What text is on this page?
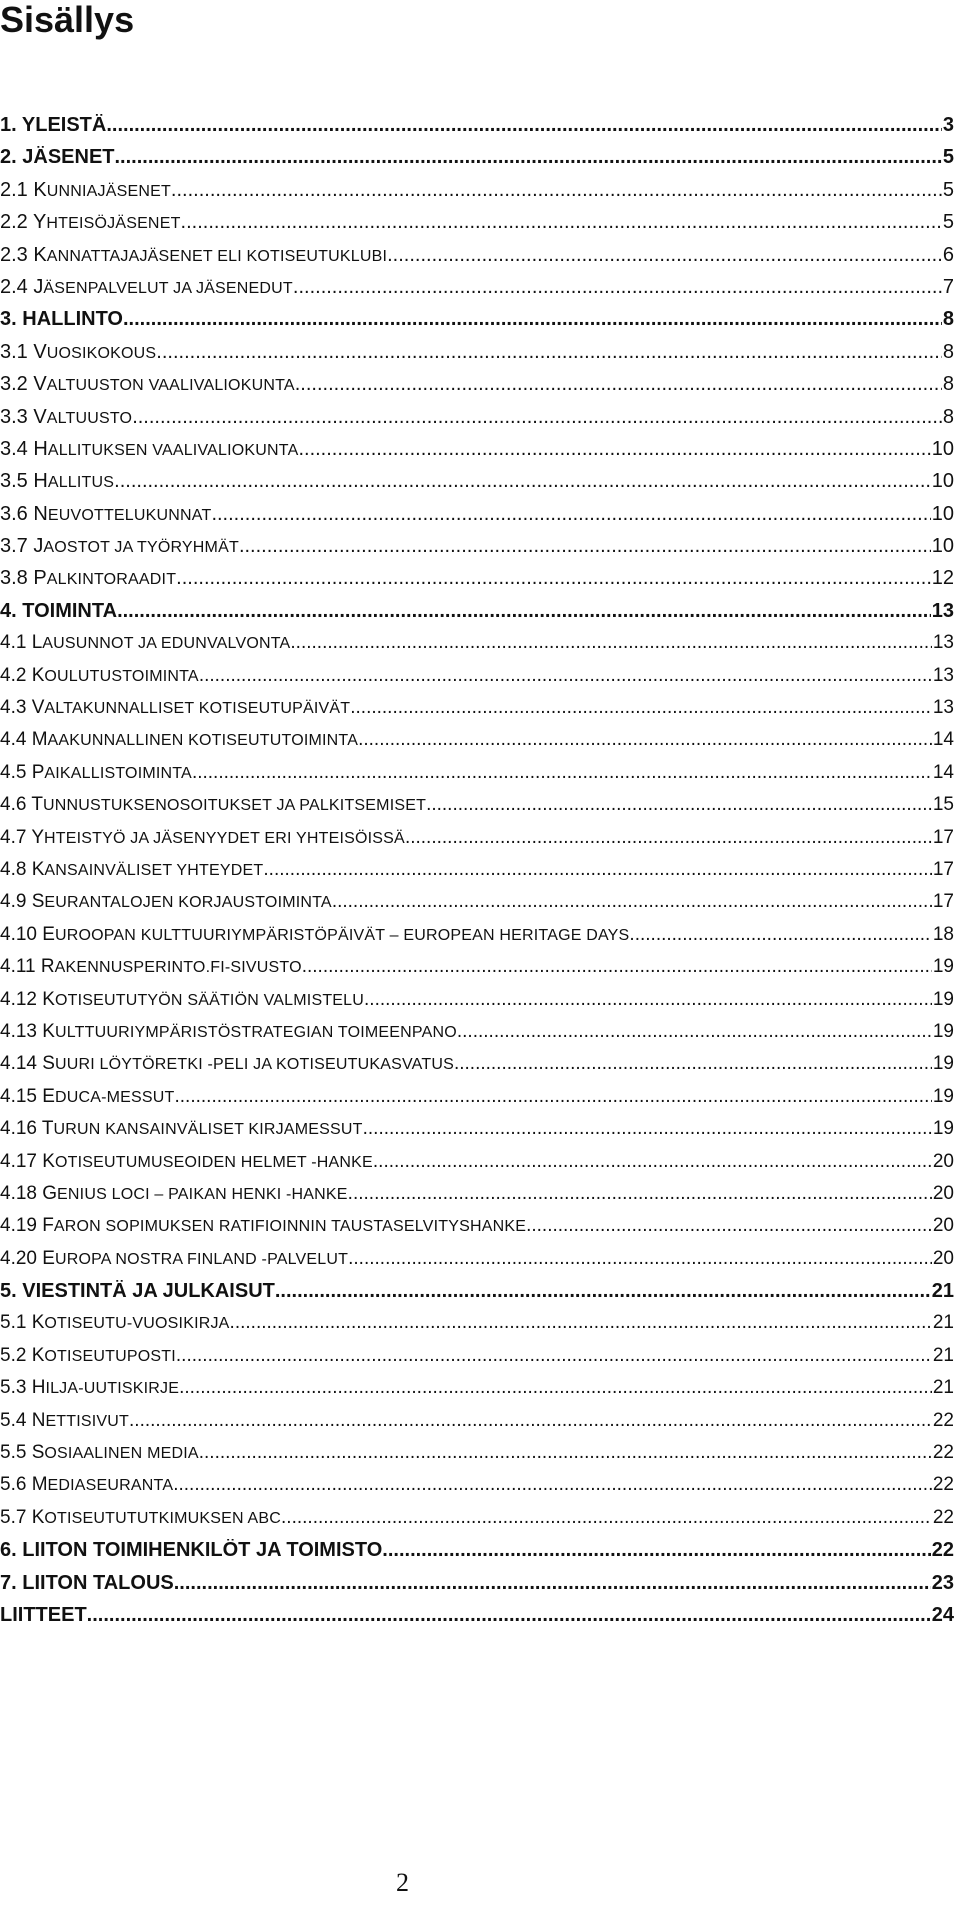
Sisällys
1. YLEISTÄ .....	3
2. JÄSENET .....	5
2.1 KUNNIAJÄSENET .....	5
2.2 YHTEISÖJÄSENET .....	5
2.3 KANNATTAJAJÄSENET ELI KOTISEUTUKLUBI .....	6
2.4 JÄSENPALVELUT JA JÄSENEDUT .....	7
3. HALLINTO .....	8
3.1 VUOSIKOKOUS .....	8
3.2 VALTUUSTON VAALIVALIOKUNTA .....	8
3.3 VALTUUSTO .....	8
3.4 HALLITUKSEN VAALIVALIOKUNTA .....	10
3.5 HALLITUS .....	10
3.6 NEUVOTTELUKUNNAT .....	10
3.7 JAOSTOT JA TYÖRYHMÄT .....	10
3.8 PALKINTORAADIT .....	12
4. TOIMINTA .....	13
4.1 LAUSUNNOT JA EDUNVALVONTA .....	13
4.2 KOULUTUSTOIMINTA .....	13
4.3 VALTAKUNNALLISET KOTISEUTUPÄIVÄT .....	13
4.4 MAAKUNNALLINEN KOTISEUTUTOIMINTA .....	14
4.5 PAIKALLISTOIMINTA .....	14
4.6 TUNNUSTUKSENOSOITUKSET JA PALKITSEMISET .....	15
4.7 YHTEISTYÖ JA JÄSENYYDET ERI YHTEISÖISSÄ .....	17
4.8 KANSAINVÄLISET YHTEYDET .....	17
4.9 SEURANTALOJEN KORJAUSTOIMINTA .....	17
4.10 EUROOPAN KULTTUURIYMPÄRISTÖPÄIVÄT – EUROPEAN HERITAGE DAYS .....	18
4.11 RAKENNUSPERINTO.FI-SIVUSTO .....	19
4.12 KOTISEUTUTYÖN SÄÄTIÖN VALMISTELU .....	19
4.13 KULTTUURIYMPÄRISTÖSTRATEGIAN TOIMEENPANO .....	19
4.14 SUURI LÖYTÖRETKI -PELI JA KOTISEUTUKASVATUS .....	19
4.15 EDUCA-MESSUT .....	19
4.16 TURUN KANSAINVÄLISET KIRJAMESSUT .....	19
4.17 KOTISEUTUMUSEOIDEN HELMET -HANKE .....	20
4.18 GENIUS LOCI – PAIKAN HENKI -HANKE .....	20
4.19 FARON SOPIMUKSEN RATIFIOINNIN TAUSTASELVITYSHANKE .....	20
4.20 EUROPA NOSTRA FINLAND -PALVELUT .....	20
5. VIESTINTÄ JA JULKAISUT .....	21
5.1 KOTISEUTU-VUOSIKIRJA .....	21
5.2 KOTISEUTUPOSTI .....	21
5.3 HILJA-UUTISKIRJE .....	21
5.4 NETTISIVUT .....	22
5.5 SOSIAALINEN MEDIA .....	22
5.6 MEDIASEURANTA .....	22
5.7 KOTISEUTUTUTKIMUKSEN ABC .....	22
6. LIITON TOIMIHENKILÖT JA TOIMISTO .....	22
7. LIITON TALOUS .....	23
LIITTEET .....	24
2
